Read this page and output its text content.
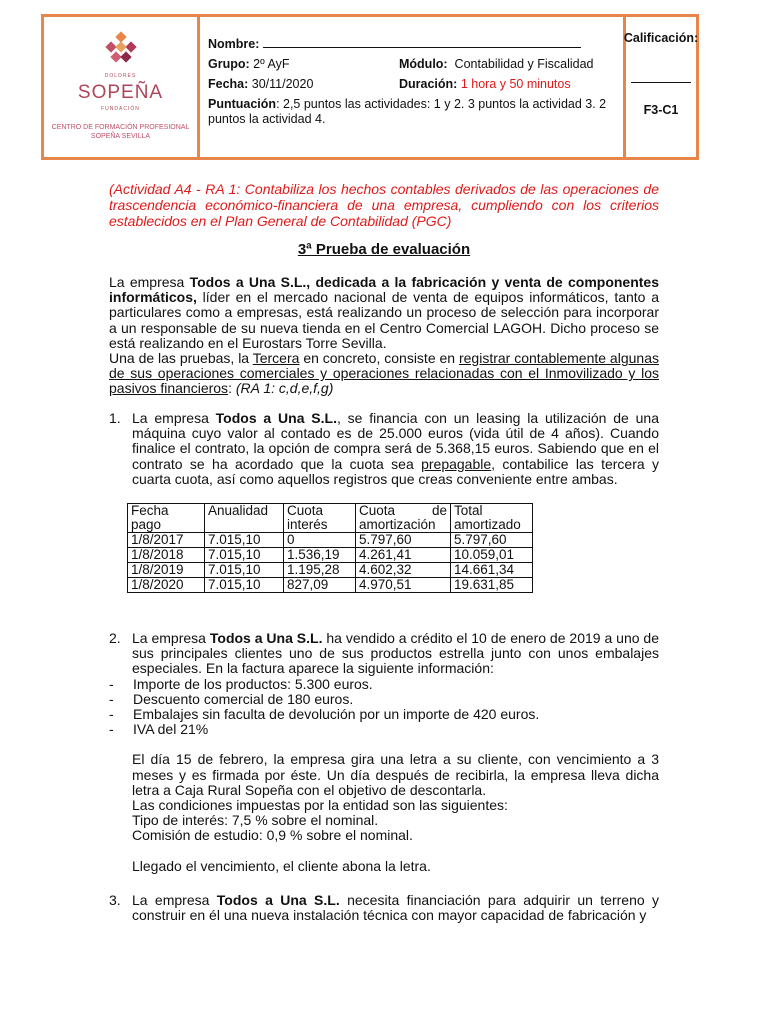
DOLORES
SOPEÑA
FUNDACIÓN
CENTRO DE FORMACIÓN PROFESIONAL
SOPEÑA SEVILLA
Nombre:

Grupo: 2º AyF	Módulo: Contabilidad y Fiscalidad
Fecha: 30/11/2020	Duración: 1 hora y 50 minutos
Puntuación: 2,5 puntos las actividades: 1 y 2. 3 puntos la actividad 3. 2 puntos la actividad 4.
Calificación:
F3-C1
(Actividad A4 - RA 1: Contabiliza los hechos contables derivados de las operaciones de trascendencia económico-financiera de una empresa, cumpliendo con los criterios establecidos en el Plan General de Contabilidad (PGC)
3ª Prueba de evaluación
La empresa Todos a Una S.L., dedicada a la fabricación y venta de componentes informáticos, líder en el mercado nacional de venta de equipos informáticos, tanto a particulares como a empresas, está realizando un proceso de selección para incorporar a un responsable de su nueva tienda en el Centro Comercial LAGOH. Dicho proceso se está realizando en el Eurostars Torre Sevilla.
Una de las pruebas, la Tercera en concreto, consiste en registrar contablemente algunas de sus operaciones comerciales y operaciones relacionadas con el Inmovilizado y los pasivos financieros: (RA 1: c,d,e,f,g)
1. La empresa Todos a Una S.L., se financia con un leasing la utilización de una máquina cuyo valor al contado es de 25.000 euros (vida útil de 4 años). Cuando finalice el contrato, la opción de compra será de 5.368,15 euros. Sabiendo que en el contrato se ha acordado que la cuota sea prepagable, contabilice las tercera y cuarta cuota, así como aquellos registros que creas conveniente entre ambas.
Fecha pago	Anualidad	Cuota interés	Cuota de amortización	Total amortizado
1/8/2017	7.015,10	0	5.797,60	5.797,60
1/8/2018	7.015,10	1.536,19	4.261,41	10.059,01
1/8/2019	7.015,10	1.195,28	4.602,32	14.661,34
1/8/2020	7.015,10	827,09	4.970,51	19.631,85
2. La empresa Todos a Una S.L. ha vendido a crédito el 10 de enero de 2019 a uno de sus principales clientes uno de sus productos estrella junto con unos embalajes especiales. En la factura aparece la siguiente información:
- Importe de los productos: 5.300 euros.
- Descuento comercial de 180 euros.
- Embalajes sin faculta de devolución por un importe de 420 euros.
- IVA del 21%
El día 15 de febrero, la empresa gira una letra a su cliente, con vencimiento a 3 meses y es firmada por éste. Un día después de recibirla, la empresa lleva dicha letra a Caja Rural Sopeña con el objetivo de descontarla.
Las condiciones impuestas por la entidad son las siguientes:
Tipo de interés: 7,5 % sobre el nominal.
Comisión de estudio: 0,9 % sobre el nominal.
Llegado el vencimiento, el cliente abona la letra.
3. La empresa Todos a Una S.L. necesita financiación para adquirir un terreno y construir en él una nueva instalación técnica con mayor capacidad de fabricación y
